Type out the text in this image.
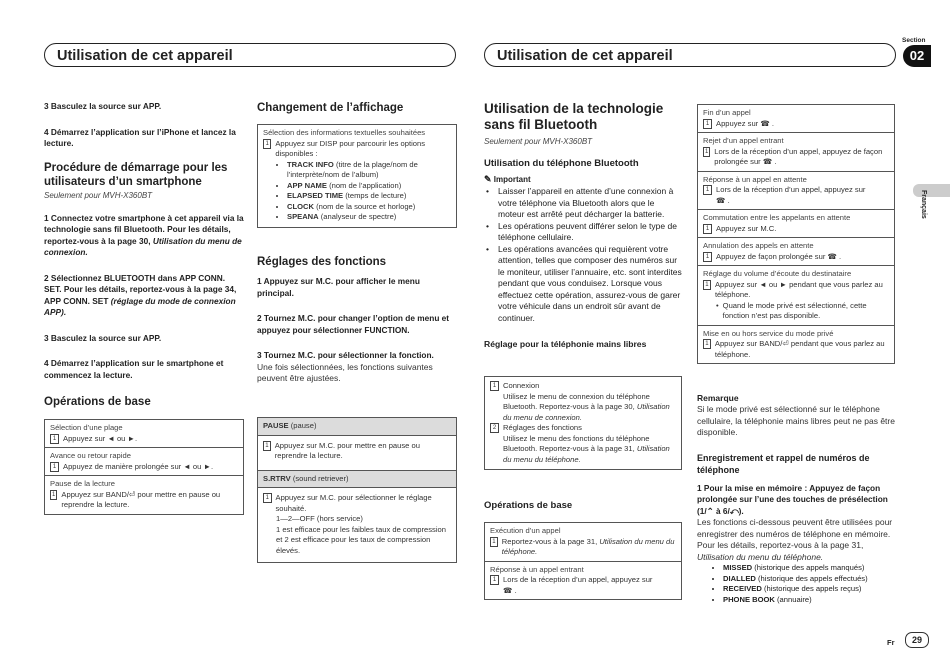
Utilisation de cet appareil	Utilisation de cet appareil
Section
02
Français
3 Basculez la source sur APP.
4 Démarrez l’application sur l’iPhone et lancez la lecture.
Procédure de démarrage pour les utilisateurs d’un smartphone
Seulement pour MVH-X360BT
1 Connectez votre smartphone à cet appareil via la technologie sans fil Bluetooth. Pour les détails, reportez-vous à la page 30, Utilisation du menu de connexion.
2 Sélectionnez BLUETOOTH dans APP CONN. SET. Pour les détails, reportez-vous à la page 34, APP CONN. SET (réglage du mode de connexion APP).
3 Basculez la source sur APP.
4 Démarrez l’application sur le smartphone et commencez la lecture.
Opérations de base
Sélection d’une plage
1 Appuyez sur ◄ ou ►.
Avance ou retour rapide
1 Appuyez de manière prolongée sur ◄ ou ►.
Pause de la lecture
1 Appuyez sur BAND/⏎ pour mettre en pause ou reprendre la lecture.
Changement de l’affichage
Sélection des informations textuelles souhaitées
1 Appuyez sur DISP pour parcourir les options disponibles :
• TRACK INFO (titre de la plage/nom de l’interprète/nom de l’album)
• APP NAME (nom de l’application)
• ELAPSED TIME (temps de lecture)
• CLOCK (nom de la source et horloge)
• SPEANA (analyseur de spectre)
Réglages des fonctions
1 Appuyez sur M.C. pour afficher le menu principal.
2 Tournez M.C. pour changer l’option de menu et appuyez pour sélectionner FUNCTION.
3 Tournez M.C. pour sélectionner la fonction.
Une fois sélectionnées, les fonctions suivantes peuvent être ajustées.
PAUSE (pause)
1 Appuyez sur M.C. pour mettre en pause ou reprendre la lecture.
S.RTRV (sound retriever)
1 Appuyez sur M.C. pour sélectionner le réglage souhaité.
1—2—OFF (hors service)
1 est efficace pour les faibles taux de compression et 2 est efficace pour les taux de compression élevés.
Utilisation de la technologie sans fil Bluetooth
Seulement pour MVH-X360BT
Utilisation du téléphone Bluetooth
✎ Important
• Laisser l’appareil en attente d’une connexion à votre téléphone via Bluetooth alors que le moteur est arrêté peut décharger la batterie.
• Les opérations peuvent différer selon le type de téléphone cellulaire.
• Les opérations avancées qui requièrent votre attention, telles que composer des numéros sur le moniteur, utiliser l’annuaire, etc. sont interdites pendant que vous conduisez. Lorsque vous effectuez cette opération, assurez-vous de garer votre véhicule dans un endroit sûr avant de continuer.
Réglage pour la téléphonie mains libres
1 Connexion
Utilisez le menu de connexion du téléphone Bluetooth. Reportez-vous à la page 30, Utilisation du menu de connexion.
2 Réglages des fonctions
Utilisez le menu des fonctions du téléphone Bluetooth. Reportez-vous à la page 31, Utilisation du menu du téléphone.
Opérations de base
Exécution d’un appel
1 Reportez-vous à la page 31, Utilisation du menu du téléphone.
Réponse à un appel entrant
1 Lors de la réception d’un appel, appuyez sur
☎ .
Fin d’un appel
1 Appuyez sur ☎ .
Rejet d’un appel entrant
1 Lors de la réception d’un appel, appuyez de façon prolongée sur ☎ .
Réponse à un appel en attente
1 Lors de la réception d’un appel, appuyez sur
☎ .
Commutation entre les appelants en attente
1 Appuyez sur M.C.
Annulation des appels en attente
1 Appuyez de façon prolongée sur ☎ .
Réglage du volume d’écoute du destinataire
1 Appuyez sur ◄ ou ► pendant que vous parlez au téléphone.
• Quand le mode privé est sélectionné, cette fonction n’est pas disponible.
Mise en ou hors service du mode privé
1 Appuyez sur BAND/⏎ pendant que vous parlez au téléphone.
Remarque
Si le mode privé est sélectionné sur le téléphone cellulaire, la téléphonie mains libres peut ne pas être disponible.
Enregistrement et rappel de numéros de téléphone
1 Pour la mise en mémoire : Appuyez de façon prolongée sur l’une des touches de présélection (1/⌃ à 6/⤺).
Les fonctions ci-dessous peuvent être utilisées pour enregistrer des numéros de téléphone en mémoire. Pour les détails, reportez-vous à la page 31, Utilisation du menu du téléphone.
• MISSED (historique des appels manqués)
• DIALLED (historique des appels effectués)
• RECEIVED (historique des appels reçus)
• PHONE BOOK (annuaire)
Fr	29
